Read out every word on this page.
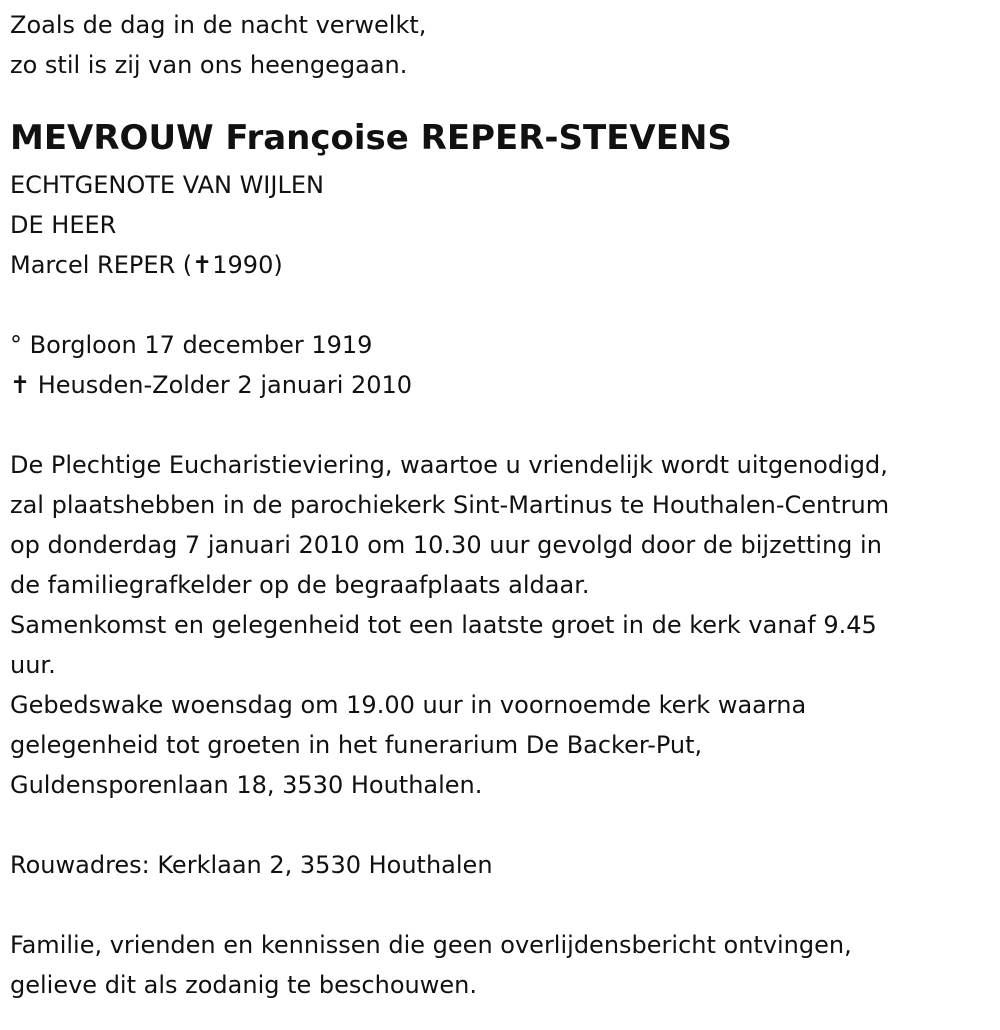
Zoals de dag in de nacht verwelkt,

zo stil is zij van ons heengegaan.

MEVROUW Françoise REPER-STEVENS

ECHTGENOTE VAN WIJLEN

DE HEER

Marcel REPER (✝1990)

° Borgloon 17 december 1919

✝ Heusden-Zolder 2 januari 2010

De Plechtige Eucharistieviering, waartoe u vriendelijk wordt uitgenodigd,

zal plaatshebben in de parochiekerk Sint-Martinus te Houthalen-Centrum

op donderdag 7 januari 2010 om 10.30 uur gevolgd door de bijzetting in

de familiegrafkelder op de begraafplaats aldaar.

Samenkomst en gelegenheid tot een laatste groet in de kerk vanaf 9.45

uur.

Gebedswake woensdag om 19.00 uur in voornoemde kerk waarna

gelegenheid tot groeten in het funerarium De Backer-Put,

Guldensporenlaan 18, 3530 Houthalen.

Rouwadres: Kerklaan 2, 3530 Houthalen

Familie, vrienden en kennissen die geen overlijdensbericht ontvingen,

gelieve dit als zodanig te beschouwen.
